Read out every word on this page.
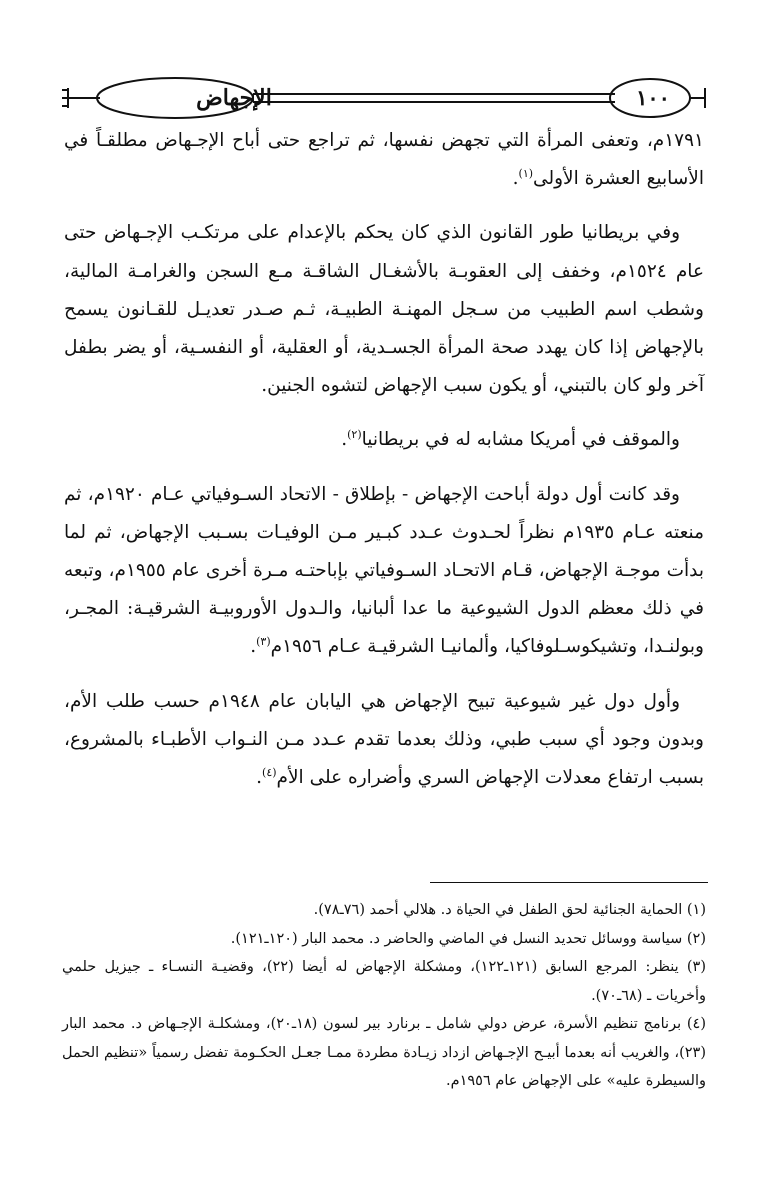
الإجهاض	١٠٠

١٧٩١م، وتعفى المرأة التي تجهض نفسها، ثم تراجع حتى أباح الإجـهاض مطلقـاً في الأسابيع العشرة الأولى$^{(١)}$.

وفي بريطانيا طور القانون الذي كان يحكم بالإعدام على مرتكـب الإجـهاض حتى عام ١٥٢٤م، وخفف إلى العقوبـة بالأشغـال الشاقـة مـع السجن والغرامـة المالية، وشطب اسم الطبيب من سـجل المهنـة الطبيـة، ثـم صـدر تعديـل للقـانون يسمح بالإجهاض إذا كان يهدد صحة المرأة الجسـدية، أو العقلية، أو النفسـية، أو يضر بطفل آخر ولو كان بالتبني، أو يكون سبب الإجهاض لتشوه الجنين.

والموقف في أمريكا مشابه له في بريطانيا$^{(٢)}$.

وقد كانت أول دولة أباحت الإجهاض - بإطلاق - الاتحاد السـوفياتي عـام ١٩٢٠م، ثم منعته عـام ١٩٣٥م نظراً لحـدوث عـدد كبـير مـن الوفيـات بسـبب الإجهاض، ثم لما بدأت موجـة الإجهاض، قـام الاتحـاد السـوفياتي بإباحتـه مـرة أخرى عام ١٩٥٥م، وتبعه في ذلك معظم الدول الشيوعية ما عدا ألبانيا، والـدول الأوروبيـة الشرقيـة: المجـر، وبولنـدا، وتشيكوسـلوفاكيا، وألمانيـا الشرقيـة عـام ١٩٥٦م$^{(٣)}$.

وأول دول غير شيوعية تبيح الإجهاض هي اليابان عام ١٩٤٨م حسب طلب الأم، وبدون وجود أي سبب طبي، وذلك بعدما تقدم عـدد مـن النـواب الأطبـاء بالمشروع، بسبب ارتفاع معدلات الإجهاض السري وأضراره على الأم$^{(٤)}$.

(١) الحماية الجنائية لحق الطفل في الحياة د. هلالي أحمد (٧٦ـ٧٨).

(٢) سياسة ووسائل تحديد النسل في الماضي والحاضر د. محمد البار (١٢٠ـ١٢١).

(٣) ينظر: المرجع السابق (١٢١ـ١٢٢)، ومشكلة الإجهاض له أيضا (٢٢)، وقضيـة النسـاء ـ جيزيل حلمي وأخريات ـ (٦٨ـ٧٠).

(٤) برنامج تنظيم الأسرة، عرض دولي شامل ـ برنارد بير لسون (١٨ـ٢٠)، ومشكلـة الإجـهاض د. محمد البار (٢٣)، والغريب أنه بعدما أبيـح الإجـهاض ازداد زيـادة مطردة ممـا جعـل الحكـومة تفضل رسمياً «تنظيم الحمل والسيطرة عليه» على الإجهاض عام ١٩٥٦م.
